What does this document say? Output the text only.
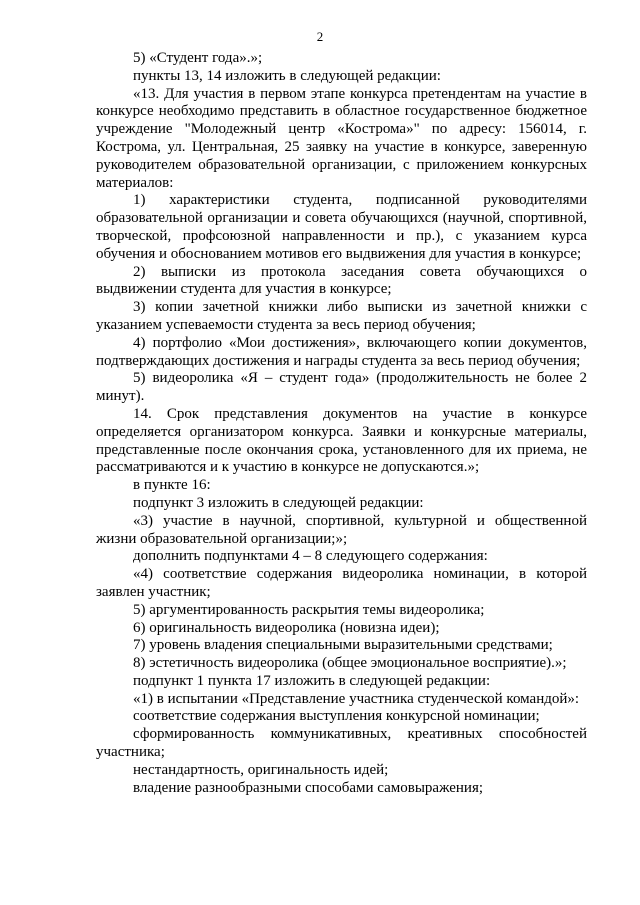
2

5) «Студент года».»;

пункты 13, 14 изложить в следующей редакции:

«13. Для участия в первом этапе конкурса претендентам на участие в конкурсе необходимо представить в областное государственное бюджетное учреждение "Молодежный центр «Кострома»" по адресу: 156014, г. Кострома, ул. Центральная, 25 заявку на участие в конкурсе, заверенную руководителем образовательной организации, с приложением конкурсных материалов:

1) характеристики студента, подписанной руководителями образовательной организации и совета обучающихся (научной, спортивной, творческой, профсоюзной направленности и пр.), с указанием курса обучения и обоснованием мотивов его выдвижения для участия в конкурсе;

2) выписки из протокола заседания совета обучающихся о выдвижении студента для участия в конкурсе;

3) копии зачетной книжки либо выписки из зачетной книжки с указанием успеваемости студента за весь период обучения;

4) портфолио «Мои достижения», включающего копии документов, подтверждающих достижения и награды студента за весь период обучения;

5) видеоролика «Я – студент года» (продолжительность не более 2 минут).

14. Срок представления документов на участие в конкурсе определяется организатором конкурса. Заявки и конкурсные материалы, представленные после окончания срока, установленного для их приема, не рассматриваются и к участию в конкурсе не допускаются.»;

в пункте 16:

подпункт 3 изложить в следующей редакции:

«3) участие в научной, спортивной, культурной и общественной жизни образовательной организации;»;

дополнить подпунктами 4 – 8 следующего содержания:

«4) соответствие содержания видеоролика номинации, в которой заявлен участник;

5) аргументированность раскрытия темы видеоролика;

6) оригинальность видеоролика (новизна идеи);

7) уровень владения специальными выразительными средствами;

8) эстетичность видеоролика (общее эмоциональное восприятие).»;

подпункт 1 пункта 17 изложить в следующей редакции:

«1) в испытании «Представление участника студенческой командой»:

соответствие содержания выступления конкурсной номинации;

сформированность коммуникативных, креативных способностей участника;

нестандартность, оригинальность идей;

владение разнообразными способами самовыражения;
